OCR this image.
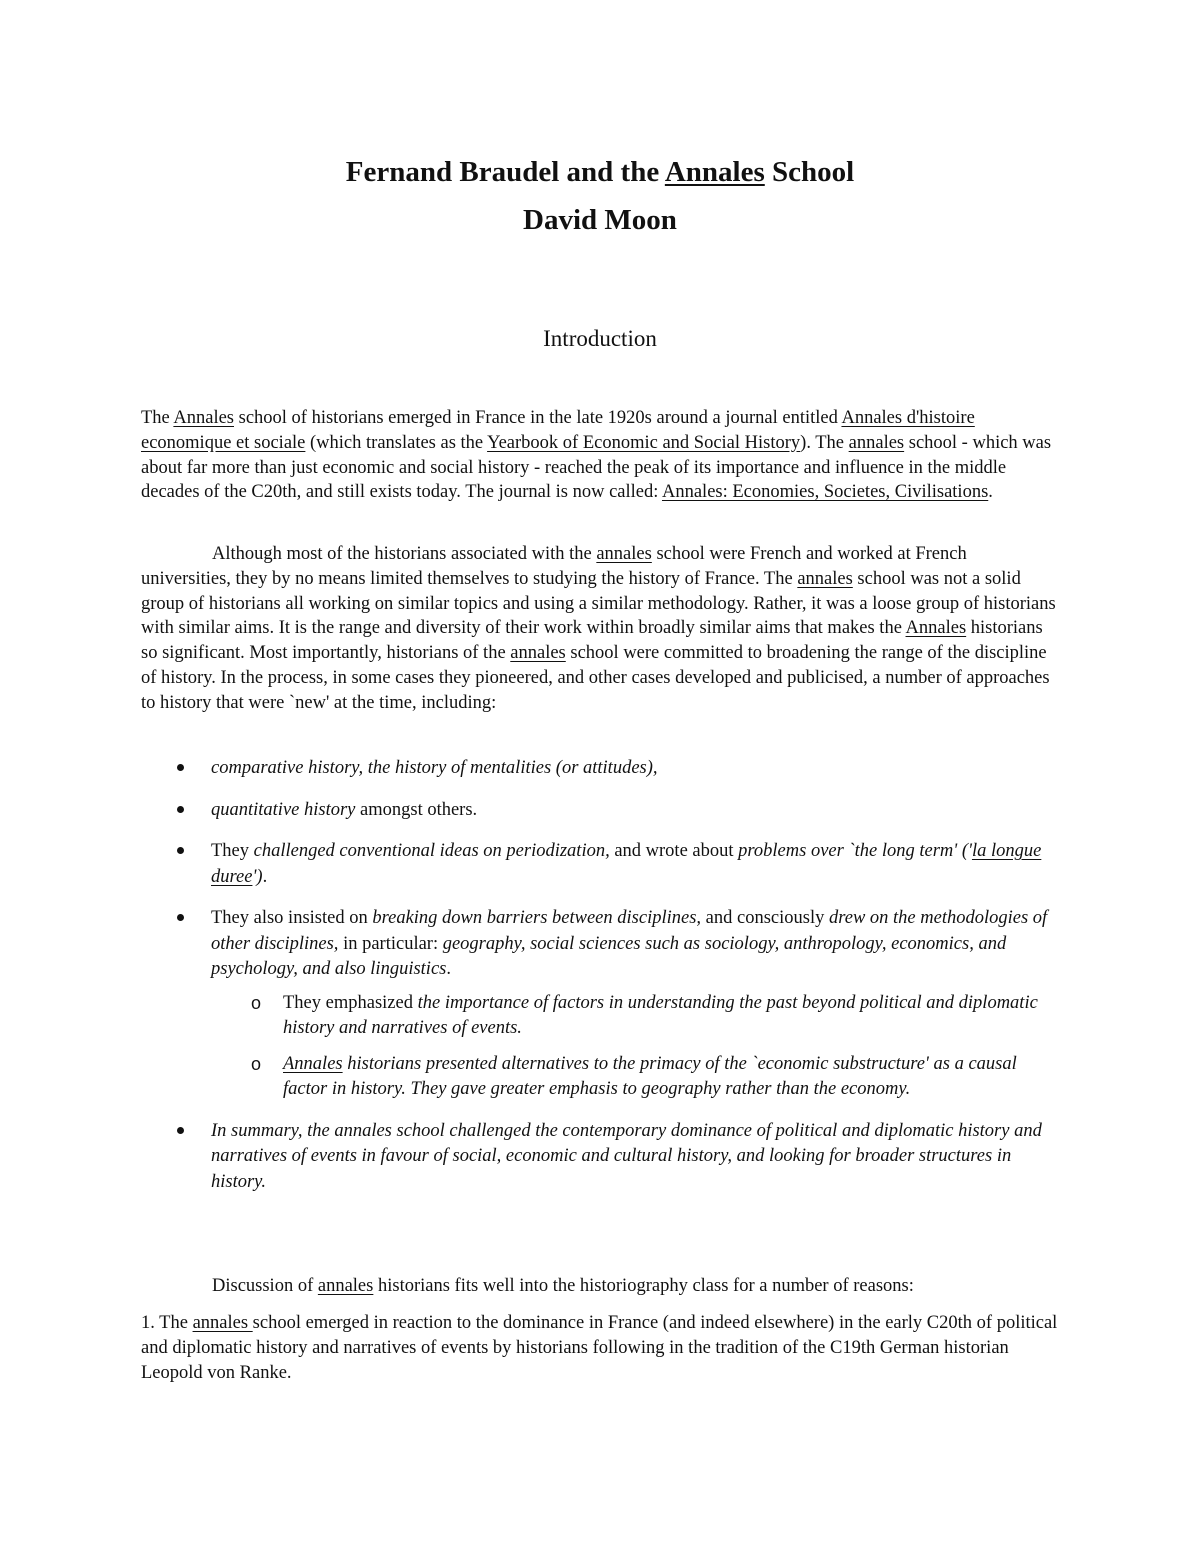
Fernand Braudel and the Annales School
David Moon
Introduction

The Annales school of historians emerged in France in the late 1920s around a journal entitled Annales d'histoire economique et sociale (which translates as the Yearbook of Economic and Social History). The annales school - which was about far more than just economic and social history - reached the peak of its importance and influence in the middle decades of the C20th, and still exists today. The journal is now called: Annales: Economies, Societes, Civilisations.

Although most of the historians associated with the annales school were French and worked at French universities, they by no means limited themselves to studying the history of France. The annales school was not a solid group of historians all working on similar topics and using a similar methodology. Rather, it was a loose group of historians with similar aims. It is the range and diversity of their work within broadly similar aims that makes the Annales historians so significant. Most importantly, historians of the annales school were committed to broadening the range of the discipline of history. In the process, in some cases they pioneered, and other cases developed and publicised, a number of approaches to history that were `new' at the time, including:

comparative history, the history of mentalities (or attitudes),
quantitative history amongst others.
They challenged conventional ideas on periodization, and wrote about problems over `the long term' ('la longue duree').
They also insisted on breaking down barriers between disciplines, and consciously drew on the methodologies of other disciplines, in particular: geography, social sciences such as sociology, anthropology, economics, and psychology, and also linguistics.
o They emphasized the importance of factors in understanding the past beyond political and diplomatic history and narratives of events.
o Annales historians presented alternatives to the primacy of the `economic substructure' as a causal factor in history. They gave greater emphasis to geography rather than the economy.
In summary, the annales school challenged the contemporary dominance of political and diplomatic history and narratives of events in favour of social, economic and cultural history, and looking for broader structures in history.

Discussion of annales historians fits well into the historiography class for a number of reasons:

1. The annales school emerged in reaction to the dominance in France (and indeed elsewhere) in the early C20th of political and diplomatic history and narratives of events by historians following in the tradition of the C19th German historian Leopold von Ranke.
